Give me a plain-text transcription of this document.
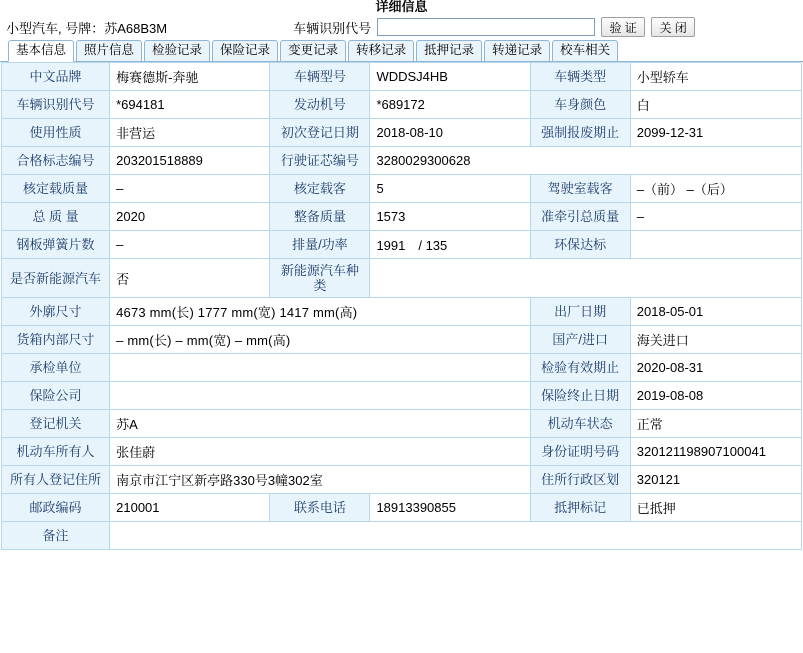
详细信息
小型汽车, 号牌：苏A68B3M	车辆识别代号	验 证	关 闭
基本信息	照片信息	检验记录	保险记录	变更记录	转移记录	抵押记录	转递记录	校车相关
中文品牌	梅赛德斯-奔驰	车辆型号	WDDSJ4HB	车辆类型	小型轿车
车辆识别代号	*694181	发动机号	*689172	车身颜色	白
使用性质	非营运	初次登记日期	2018-08-10	强制报废期止	2099-12-31
合格标志编号	203201518889	行驶证芯编号	3280029300628		
核定载质量	–	核定载客	5	驾驶室载客	–（前） –（后）
总 质 量	2020	整备质量	1573	准牵引总质量	–
钢板弹簧片数	–	排量/功率	1991　/ 135	环保达标	
是否新能源汽车	否	新能源汽车种类			
外廓尺寸	4673 mm(长) 1777 mm(宽) 1417 mm(高)			出厂日期	2018-05-01
货箱内部尺寸	– mm(长) – mm(宽) – mm(高)			国产/进口	海关进口
承检单位				检验有效期止	2020-08-31
保险公司				保险终止日期	2019-08-08
登记机关	苏A			机动车状态	正常
机动车所有人	张佳蔚			身份证明号码	320121198907100041
所有人登记住所	南京市江宁区新亭路330号3幢302室			住所行政区划	320121
邮政编码	210001	联系电话	18913390855	抵押标记	已抵押
备注					
